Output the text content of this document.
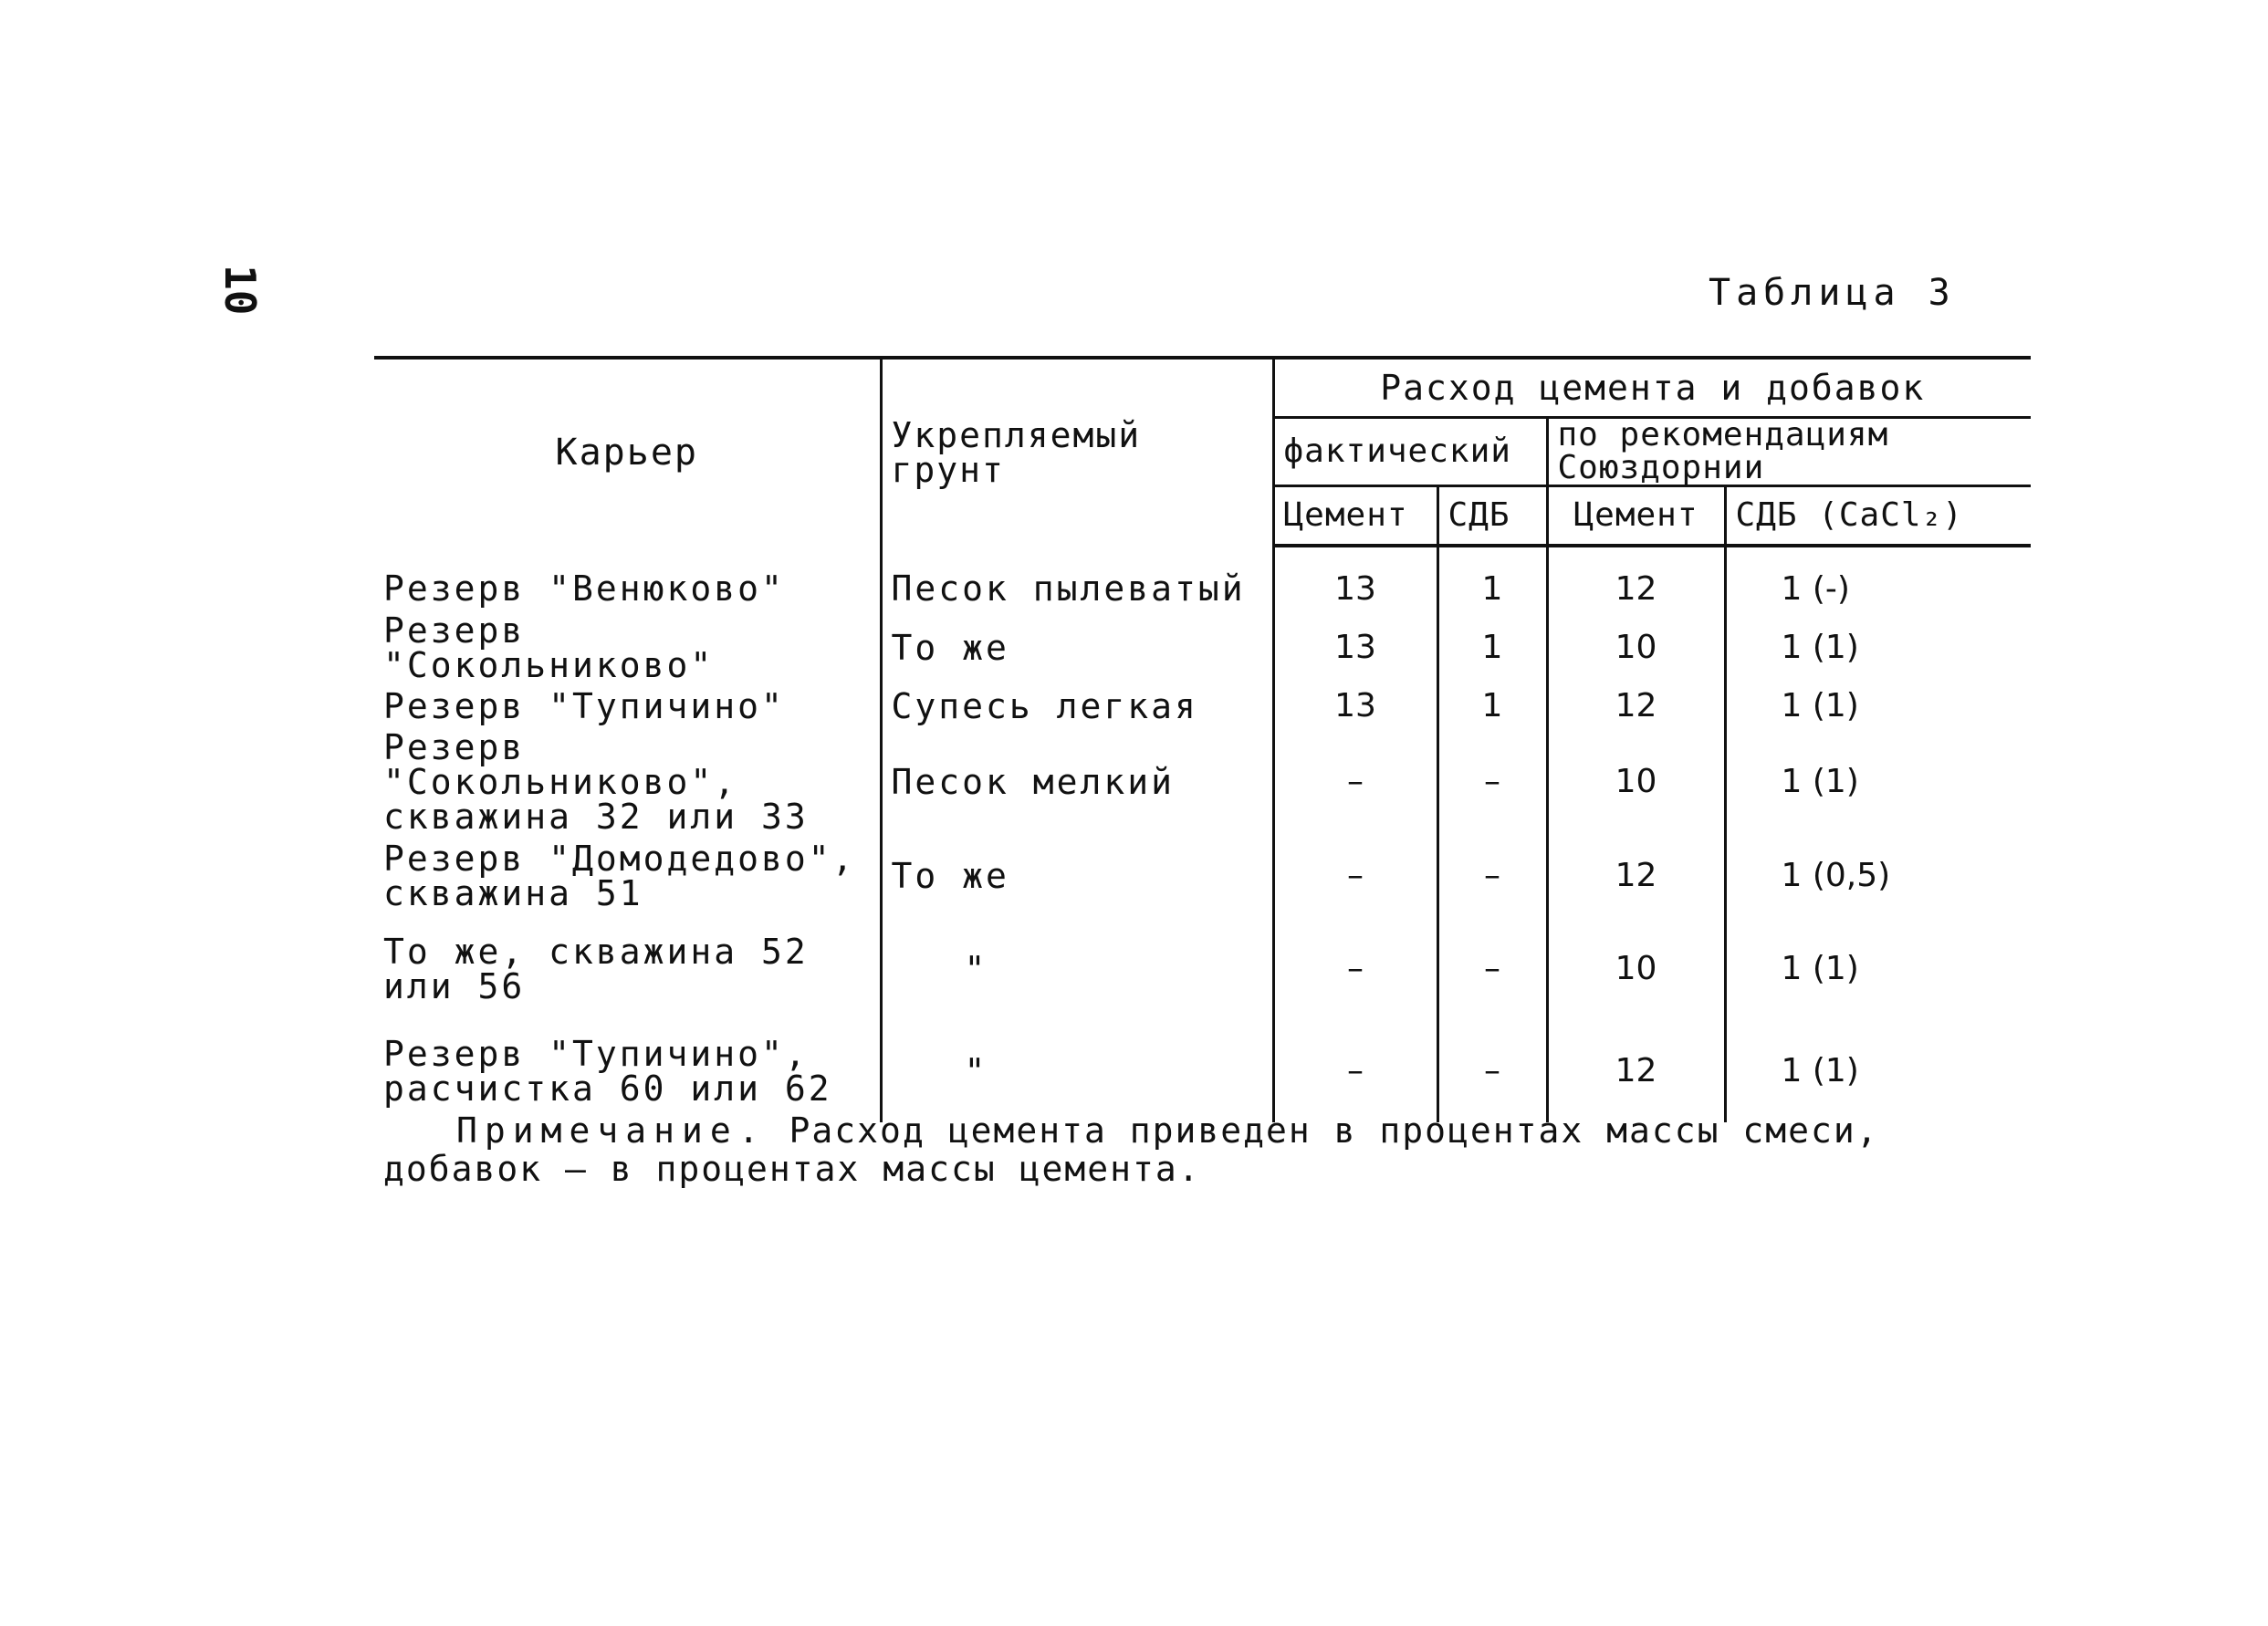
10	Таблица 3
Карьер	Укрепляемый грунт	Расход цемента и добавок			
		фактический		по рекомендациям Союздорнии	
		Цемент	СДБ	Цемент	СДБ (CaCl₂)
Резерв "Венюково"	Песок пылеватый	13	1	12	1 (-)
Резерв "Сокольниково"	То же	13	1	10	1 (1)
Резерв "Тупичино"	Супесь легкая	13	1	12	1 (1)

Резерв "Сокольниково",
скважина 32 или 33	Песок мелкий	–	–	10	1 (1)

Резерв "Домодедово",
скважина 51	То же	–	–	12	1 (0,5)

То же, скважина 52
или 56	"	–	–	10	1 (1)

Резерв "Тупичино",
расчистка 60 или 62	"	–	–	12	1 (1)
Примечание. Расход цемента приведен в процентах массы смеси, добавок – в процентах массы цемента.
